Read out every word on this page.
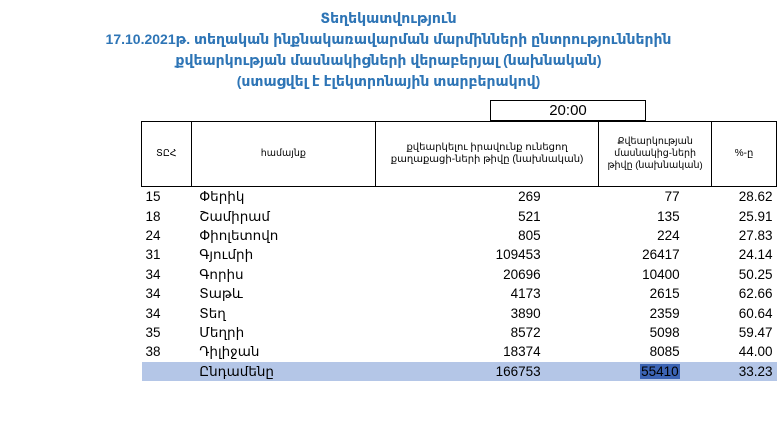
Տեղեկատվություն
17.10.2021թ. տեղական ինքնակառավարման մարմինների ընտրություններին
քվեարկության մասնակիցների վերաբերյալ (նախնական)
(ստացվել է էլեկտրոնային տարբերակով)
20:00
ՏԸՀ	համայնք	քվեարկելու իրավունք ունեցող քաղաքացի-ների թիվը (նախնական)	Քվեարկության մասնակից-ների թիվը (նախնական)	%-ը
15	Փերիկ	269	77	28.62
18	Շամիրամ	521	135	25.91
24	Փիոլետովո	805	224	27.83
31	Գյումրի	109453	26417	24.14
34	Գորիս	20696	10400	50.25
34	Տաթև	4173	2615	62.66
34	Տեղ	3890	2359	60.64
35	Մեղրի	8572	5098	59.47
38	Դիլիջան	18374	8085	44.00
	Ընդամենը	166753	55410	33.23
